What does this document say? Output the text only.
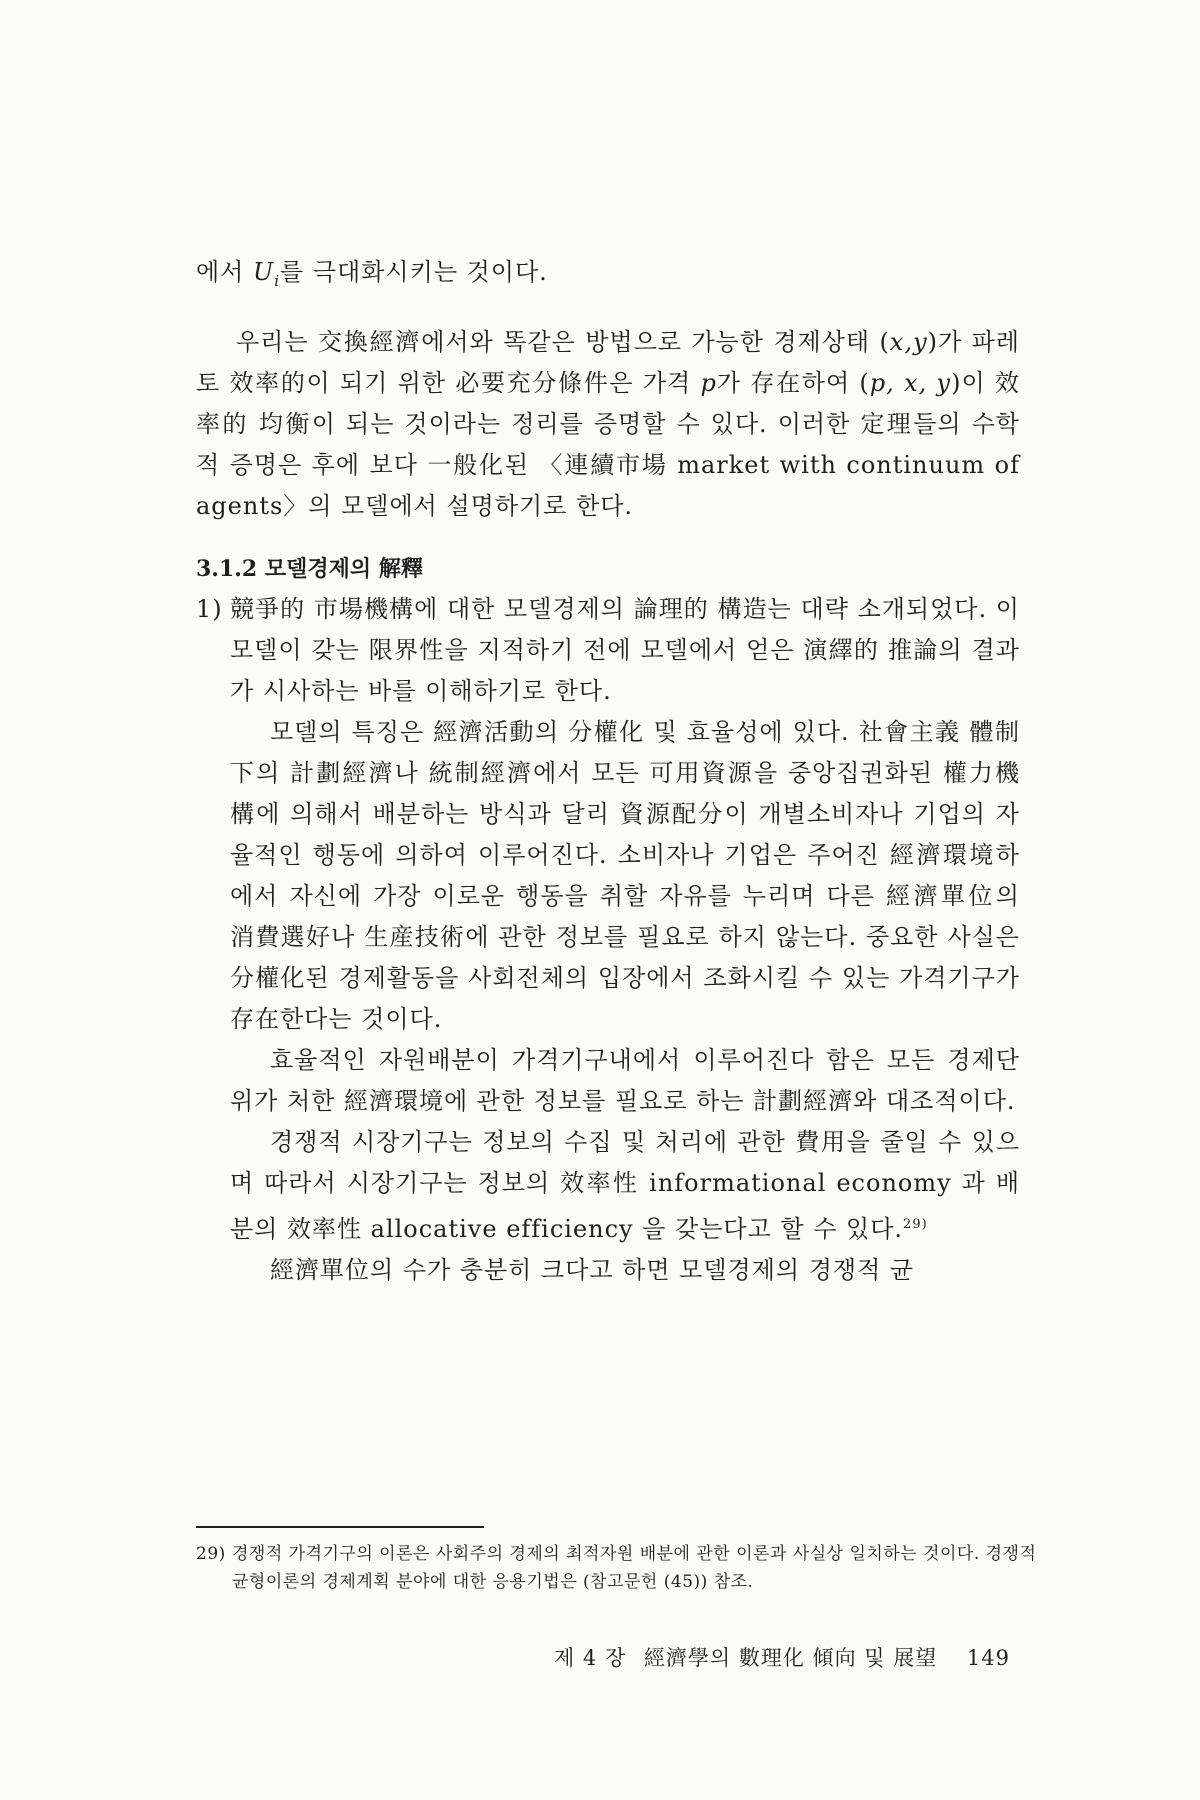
에서 $U_i$를 극대화시키는 것이다.

우리는 交換經濟에서와 똑같은 방법으로 가능한 경제상태 (x,y)가 파레토 效率的이 되기 위한 必要充分條件은 가격 p가 存在하여 (p, x, y)이 效率的 均衡이 되는 것이라는 정리를 증명할 수 있다. 이러한 定理들의 수학적 증명은 후에 보다 一般化된 〈連續市場 market with continuum of agents〉의 모델에서 설명하기로 한다.

3.1.2 모델경제의 解釋
1) 競爭的 市場機構에 대한 모델경제의 論理的 構造는 대략 소개되었다. 이 모델이 갖는 限界性을 지적하기 전에 모델에서 얻은 演繹的 推論의 결과가 시사하는 바를 이해하기로 한다.

모델의 특징은 經濟活動의 分權化 및 효율성에 있다. 社會主義 體制下의 計劃經濟나 統制經濟에서 모든 可用資源을 중앙집권화된 權力機構에 의해서 배분하는 방식과 달리 資源配分이 개별소비자나 기업의 자율적인 행동에 의하여 이루어진다. 소비자나 기업은 주어진 經濟環境하에서 자신에 가장 이로운 행동을 취할 자유를 누리며 다른 經濟單位의 消費選好나 生産技術에 관한 정보를 필요로 하지 않는다. 중요한 사실은 分權化된 경제활동을 사회전체의 입장에서 조화시킬 수 있는 가격기구가 存在한다는 것이다.

효율적인 자원배분이 가격기구내에서 이루어진다 함은 모든 경제단위가 처한 經濟環境에 관한 정보를 필요로 하는 計劃經濟와 대조적이다.

경쟁적 시장기구는 정보의 수집 및 처리에 관한 費用을 줄일 수 있으며 따라서 시장기구는 정보의 效率性 informational economy 과 배분의 效率性 allocative efficiency 을 갖는다고 할 수 있다.$^{29)}$

經濟單位의 수가 충분히 크다고 하면 모델경제의 경쟁적 균

29) 경쟁적 가격기구의 이론은 사회주의 경제의 최적자원 배분에 관한 이론과 사실상 일치하는 것이다. 경쟁적 균형이론의 경제계획 분야에 대한 응용기법은 (참고문헌 (45)) 참조.
제 4 장 經濟學의 數理化 傾向 및 展望 149
